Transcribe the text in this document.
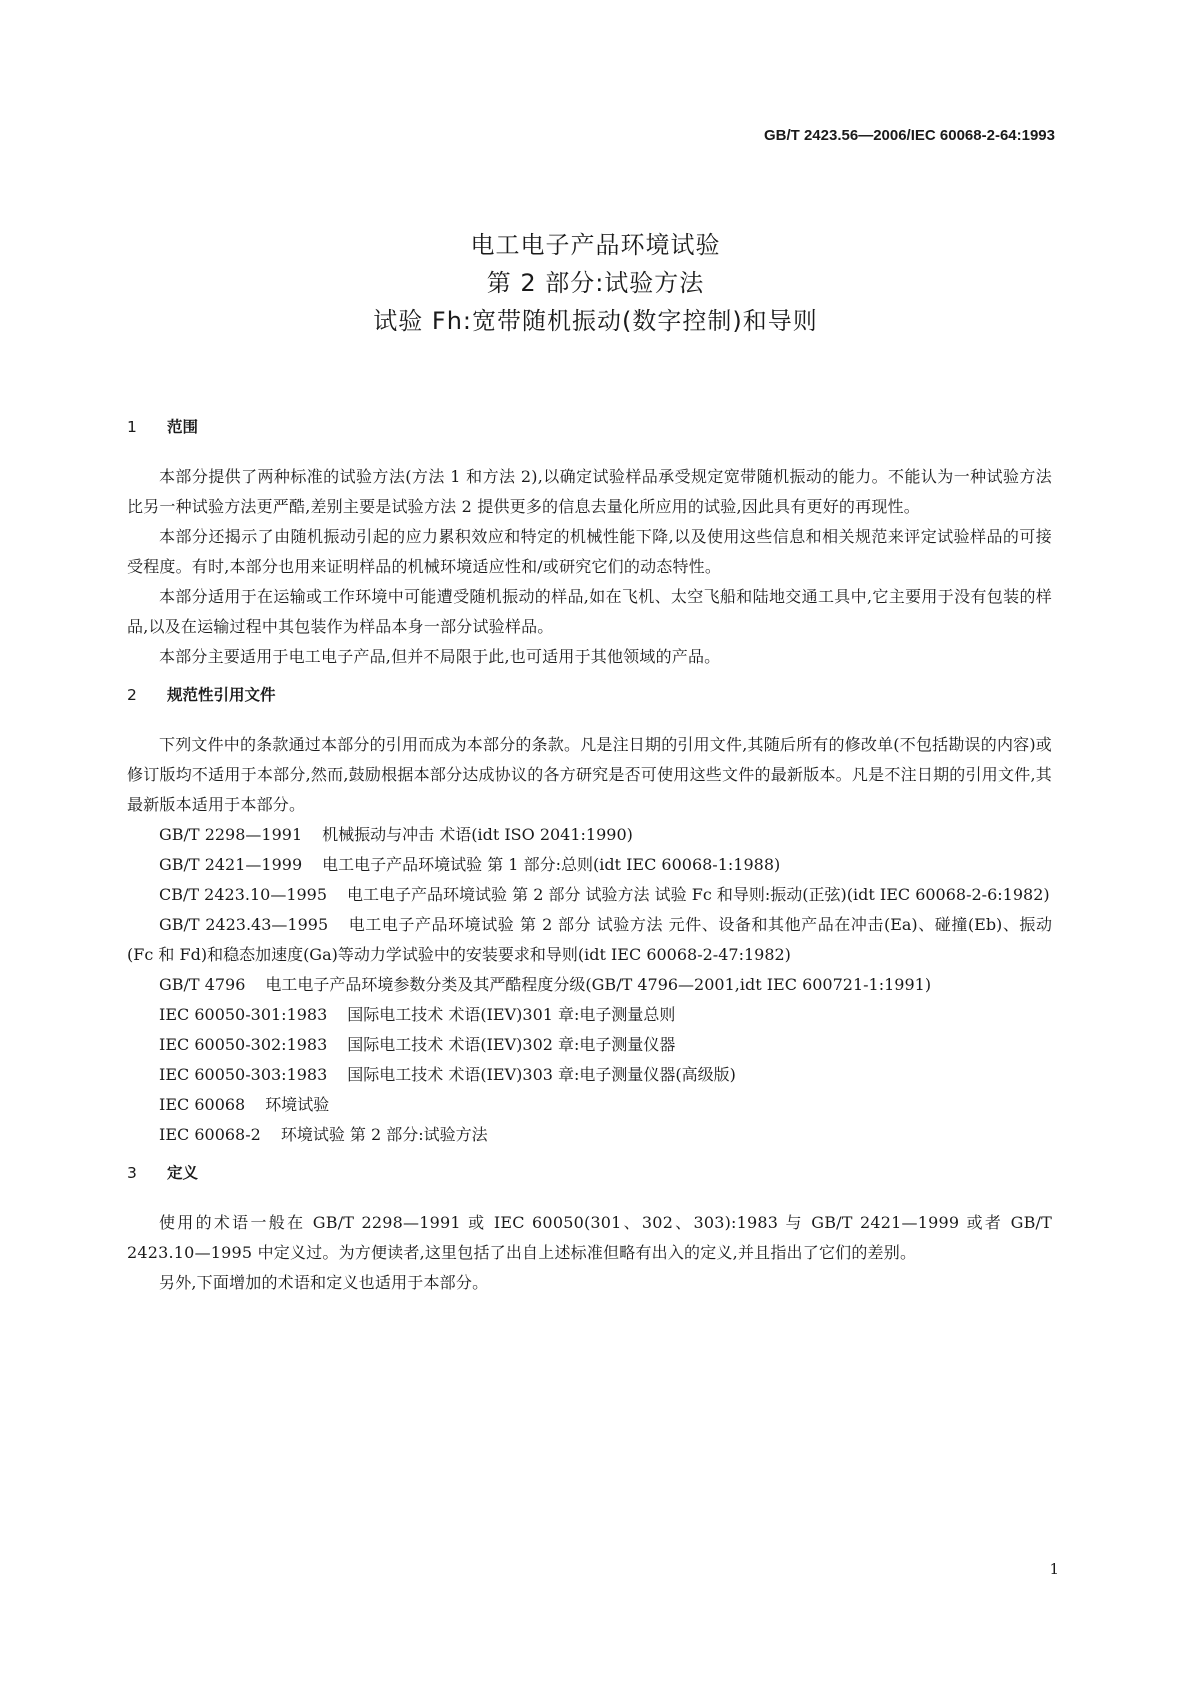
GB/T 2423.56—2006/IEC 60068-2-64:1993
电工电子产品环境试验
第 2 部分:试验方法
试验 Fh:宽带随机振动(数字控制)和导则
1 范围

本部分提供了两种标准的试验方法(方法 1 和方法 2),以确定试验样品承受规定宽带随机振动的能力。不能认为一种试验方法比另一种试验方法更严酷,差别主要是试验方法 2 提供更多的信息去量化所应用的试验,因此具有更好的再现性。

本部分还揭示了由随机振动引起的应力累积效应和特定的机械性能下降,以及使用这些信息和相关规范来评定试验样品的可接受程度。有时,本部分也用来证明样品的机械环境适应性和/或研究它们的动态特性。

本部分适用于在运输或工作环境中可能遭受随机振动的样品,如在飞机、太空飞船和陆地交通工具中,它主要用于没有包装的样品,以及在运输过程中其包装作为样品本身一部分试验样品。

本部分主要适用于电工电子产品,但并不局限于此,也可适用于其他领域的产品。

2 规范性引用文件

下列文件中的条款通过本部分的引用而成为本部分的条款。凡是注日期的引用文件,其随后所有的修改单(不包括勘误的内容)或修订版均不适用于本部分,然而,鼓励根据本部分达成协议的各方研究是否可使用这些文件的最新版本。凡是不注日期的引用文件,其最新版本适用于本部分。

GB/T 2298—1991 机械振动与冲击 术语(idt ISO 2041:1990)

GB/T 2421—1999 电工电子产品环境试验 第 1 部分:总则(idt IEC 60068-1:1988)

CB/T 2423.10—1995 电工电子产品环境试验 第 2 部分 试验方法 试验 Fc 和导则:振动(正弦)(idt IEC 60068-2-6:1982)

GB/T 2423.43—1995 电工电子产品环境试验 第 2 部分 试验方法 元件、设备和其他产品在冲击(Ea)、碰撞(Eb)、振动(Fc 和 Fd)和稳态加速度(Ga)等动力学试验中的安装要求和导则(idt IEC 60068-2-47:1982)

GB/T 4796 电工电子产品环境参数分类及其严酷程度分级(GB/T 4796—2001,idt IEC 600721-1:1991)

IEC 60050-301:1983 国际电工技术 术语(IEV)301 章:电子测量总则

IEC 60050-302:1983 国际电工技术 术语(IEV)302 章:电子测量仪器

IEC 60050-303:1983 国际电工技术 术语(IEV)303 章:电子测量仪器(高级版)

IEC 60068 环境试验

IEC 60068-2 环境试验 第 2 部分:试验方法

3 定义

使用的术语一般在 GB/T 2298—1991 或 IEC 60050(301、302、303):1983 与 GB/T 2421—1999 或者 GB/T 2423.10—1995 中定义过。为方便读者,这里包括了出自上述标准但略有出入的定义,并且指出了它们的差别。

另外,下面增加的术语和定义也适用于本部分。

1
